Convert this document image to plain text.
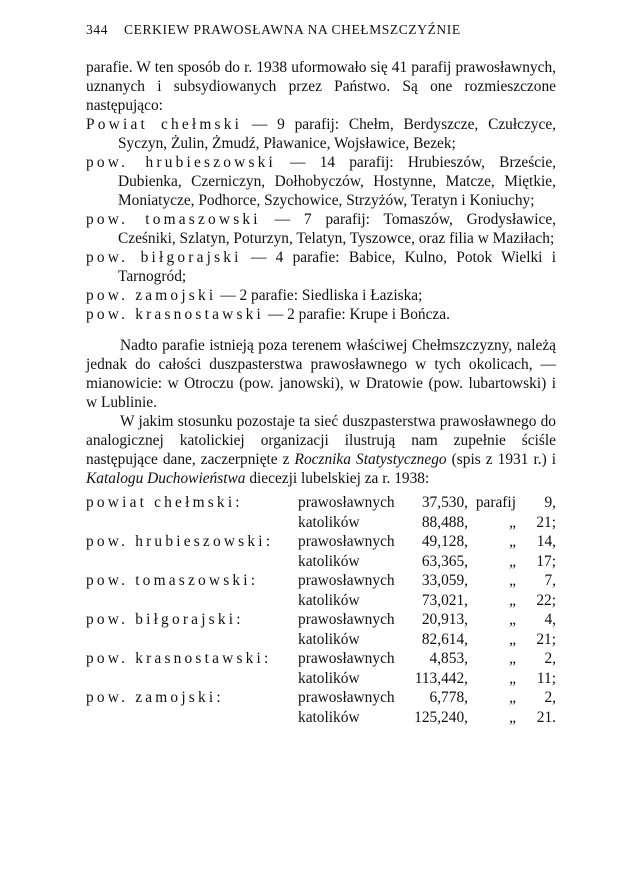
344 CERKIEW PRAWOSŁAWNA NA CHEŁMSZCZYŹNIE

parafie. W ten sposób do r. 1938 uformowało się 41 parafij prawosławnych, uznanych i subsydiowanych przez Państwo. Są one rozmieszczone następująco:

Powiat chełmski — 9 parafij: Chełm, Berdyszcze, Czułczyce, Syczyn, Żulin, Żmudź, Pławanice, Wojsławice, Bezek;

pow. hrubieszowski — 14 parafij: Hrubieszów, Brzeście, Dubienka, Czerniczyn, Dołhobyczów, Hostynne, Matcze, Miętkie, Moniatycze, Podhorce, Szychowice, Strzyżów, Teratyn i Koniuchy;

pow. tomaszowski — 7 parafij: Tomaszów, Grodysławice, Cześniki, Szlatyn, Poturzyn, Telatyn, Tyszowce, oraz filia w Maziłach;

pow. biłgorajski — 4 parafie: Babice, Kulno, Potok Wielki i Tarnogród;

pow. zamojski — 2 parafie: Siedliska i Łaziska;

pow. krasnostawski — 2 parafie: Krupe i Bończa.

Nadto parafie istnieją poza terenem właściwej Chełmszczyzny, należą jednak do całości duszpasterstwa prawosławnego w tych okolicach, — mianowicie: w Otroczu (pow. janowski), w Dratowie (pow. lubartowski) i w Lublinie.

W jakim stosunku pozostaje ta sieć duszpasterstwa prawosławnego do analogicznej katolickiej organizacji ilustrują nam zupełnie ściśle następujące dane, zaczerpnięte z Rocznika Statystycznego (spis z 1931 r.) i Katalogu Duchowieństwa diecezji lubelskiej za r. 1938:

powiat chełmski:	prawosławnych	37,530, parafij	9,
katolików	88,488,	„	21;
pow. hrubieszowski:	prawosławnych	49,128,	„	14,
katolików	63,365,	„	17;
pow. tomaszowski:	prawosławnych	33,059,	„	7,
katolików	73,021,	„	22;
pow. biłgorajski:	prawosławnych	20,913,	„	4,
katolików	82,614,	„	21;
pow. krasnostawski:	prawosławnych	4,853,	„	2,
katolików	113,442,	„	11;
pow. zamojski:	prawosławnych	6,778,	„	2,
katolików	125,240,	„	21.
